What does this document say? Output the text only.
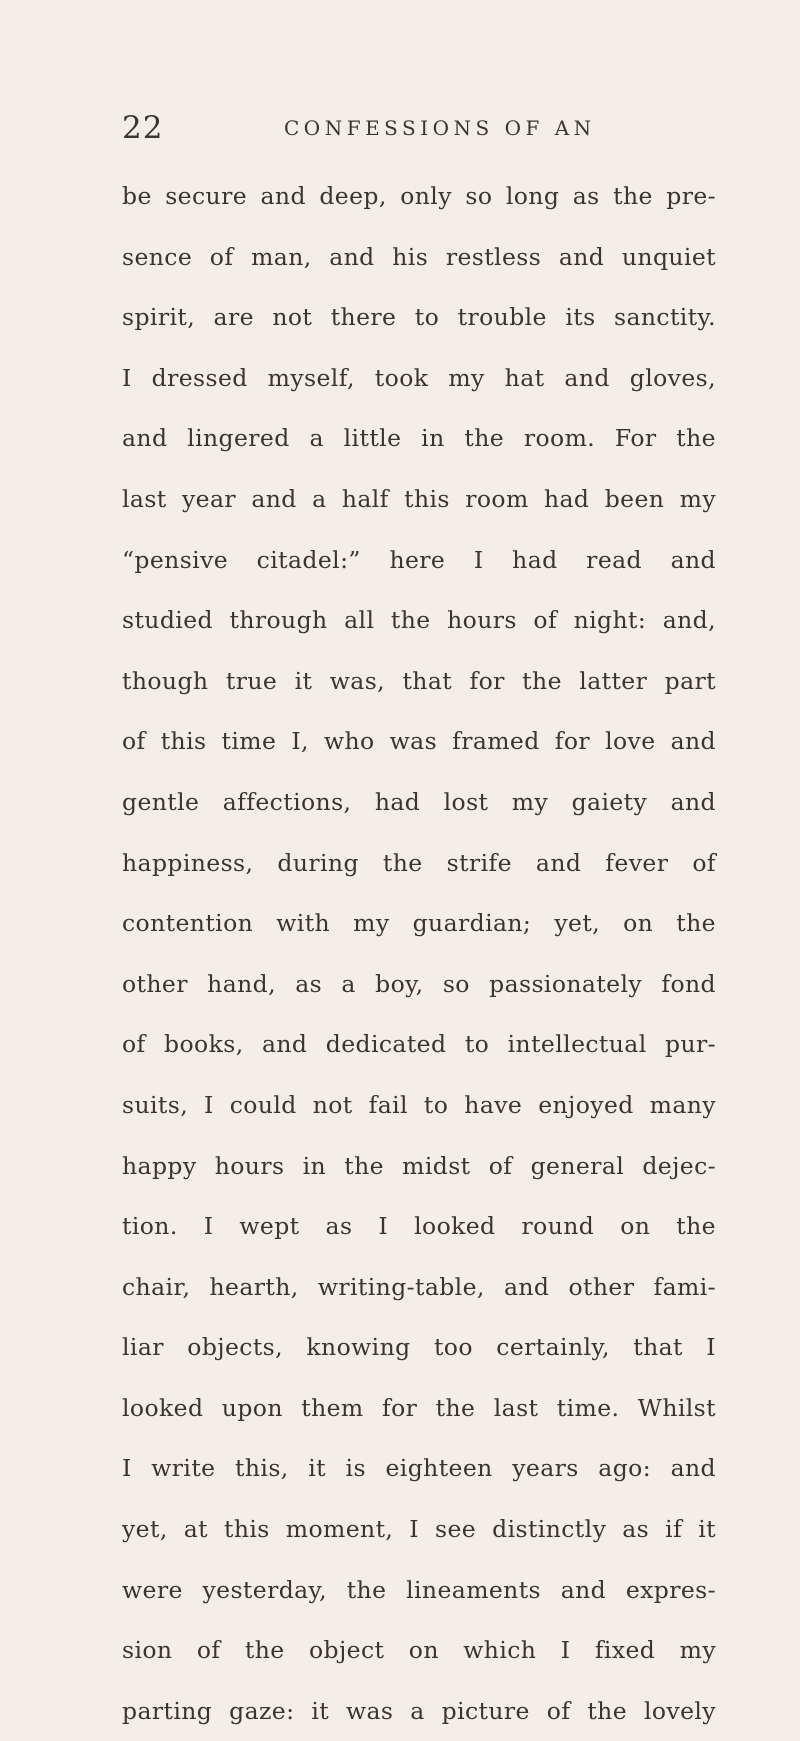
22	CONFESSIONS OF AN
be secure and deep, only so long as the pre-
sence of man, and his restless and unquiet
spirit, are not there to trouble its sanctity.
I dressed myself, took my hat and gloves,
and lingered a little in the room. For the
last year and a half this room had been my
“pensive citadel:” here I had read and
studied through all the hours of night: and,
though true it was, that for the latter part
of this time I, who was framed for love and
gentle affections, had lost my gaiety and
happiness, during the strife and fever of
contention with my guardian; yet, on the
other hand, as a boy, so passionately fond
of books, and dedicated to intellectual pur-
suits, I could not fail to have enjoyed many
happy hours in the midst of general dejec-
tion. I wept as I looked round on the
chair, hearth, writing-table, and other fami-
liar objects, knowing too certainly, that I
looked upon them for the last time. Whilst
I write this, it is eighteen years ago: and
yet, at this moment, I see distinctly as if it
were yesterday, the lineaments and expres-
sion of the object on which I fixed my
parting gaze: it was a picture of the lovely
